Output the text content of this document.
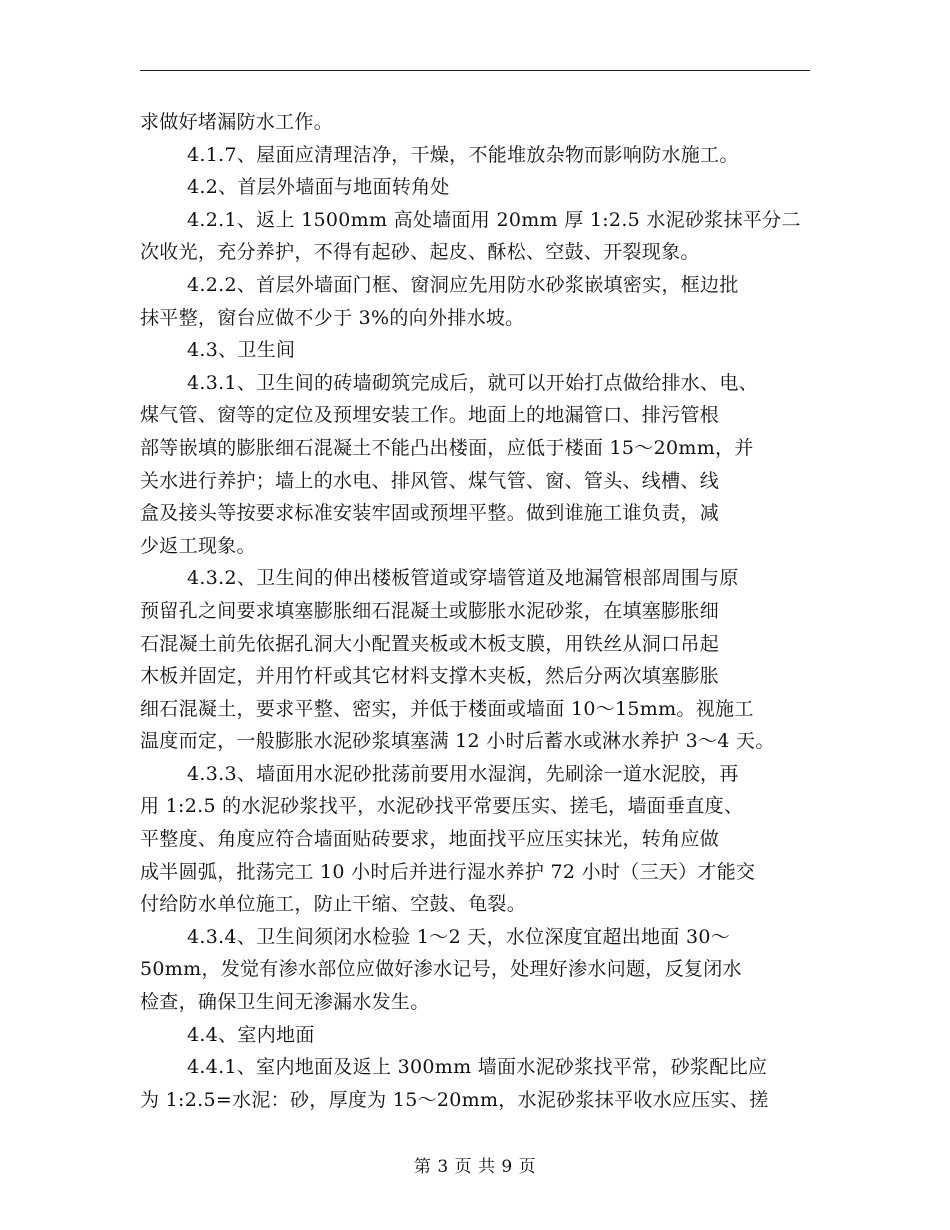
求做好堵漏防水工作。
4.1.7、屋面应清理洁净，干燥，不能堆放杂物而影响防水施工。
4.2、首层外墙面与地面转角处
4.2.1、返上 1500mm 高处墙面用 20mm 厚 1:2.5 水泥砂浆抹平分二
次收光，充分养护，不得有起砂、起皮、酥松、空鼓、开裂现象。
4.2.2、首层外墙面门框、窗洞应先用防水砂浆嵌填密实，框边批
抹平整，窗台应做不少于 3%的向外排水坡。
4.3、卫生间
4.3.1、卫生间的砖墙砌筑完成后，就可以开始打点做给排水、电、
煤气管、窗等的定位及预埋安装工作。地面上的地漏管口、排污管根
部等嵌填的膨胀细石混凝土不能凸出楼面，应低于楼面 15～20mm，并
关水进行养护；墙上的水电、排风管、煤气管、窗、管头、线槽、线
盒及接头等按要求标准安装牢固或预埋平整。做到谁施工谁负责，减
少返工现象。
4.3.2、卫生间的伸出楼板管道或穿墙管道及地漏管根部周围与原
预留孔之间要求填塞膨胀细石混凝土或膨胀水泥砂浆，在填塞膨胀细
石混凝土前先依据孔洞大小配置夹板或木板支膜，用铁丝从洞口吊起
木板并固定，并用竹杆或其它材料支撑木夹板，然后分两次填塞膨胀
细石混凝土，要求平整、密实，并低于楼面或墙面 10～15mm。视施工
温度而定，一般膨胀水泥砂浆填塞满 12 小时后蓄水或淋水养护 3～4 天。
4.3.3、墙面用水泥砂批荡前要用水湿润，先刷涂一道水泥胶，再
用 1:2.5 的水泥砂浆找平，水泥砂找平常要压实、搓毛，墙面垂直度、
平整度、角度应符合墙面贴砖要求，地面找平应压实抹光，转角应做
成半圆弧，批荡完工 10 小时后并进行湿水养护 72 小时（三天）才能交
付给防水单位施工，防止干缩、空鼓、龟裂。
4.3.4、卫生间须闭水检验 1～2 天，水位深度宜超出地面 30～
50mm，发觉有渗水部位应做好渗水记号，处理好渗水问题，反复闭水
检查，确保卫生间无渗漏水发生。
4.4、室内地面
4.4.1、室内地面及返上 300mm 墙面水泥砂浆找平常，砂浆配比应
为 1:2.5=水泥：砂，厚度为 15～20mm，水泥砂浆抹平收水应压实、搓
第 3 页 共 9 页
